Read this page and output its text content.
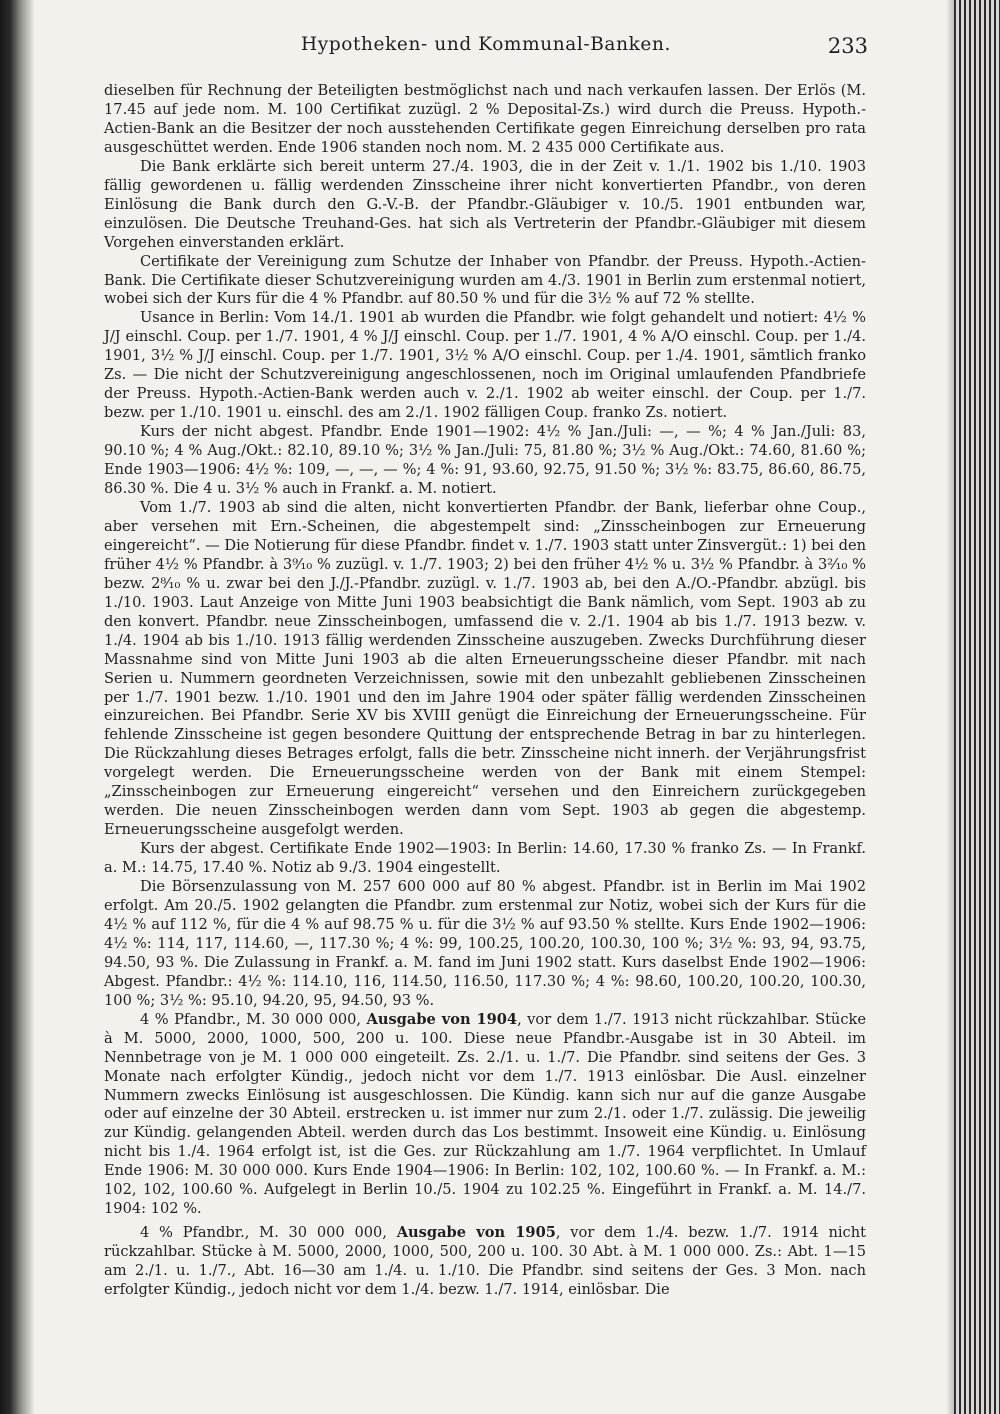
Hypotheken- und Kommunal-Banken.	233

dieselben für Rechnung der Beteiligten bestmöglichst nach und nach verkaufen lassen. Der Erlös (M. 17.45 auf jede nom. M. 100 Certifikat zuzügl. 2 % Deposital-Zs.) wird durch die Preuss. Hypoth.-Actien-Bank an die Besitzer der noch ausstehenden Certifikate gegen Einreichung derselben pro rata ausgeschüttet werden. Ende 1906 standen noch nom. M. 2 435 000 Certifikate aus.

Die Bank erklärte sich bereit unterm 27./4. 1903, die in der Zeit v. 1./1. 1902 bis 1./10. 1903 fällig gewordenen u. fällig werdenden Zinsscheine ihrer nicht konvertierten Pfandbr., von deren Einlösung die Bank durch den G.-V.-B. der Pfandbr.-Gläubiger v. 10./5. 1901 entbunden war, einzulösen. Die Deutsche Treuhand-Ges. hat sich als Vertreterin der Pfandbr.-Gläubiger mit diesem Vorgehen einverstanden erklärt.

Certifikate der Vereinigung zum Schutze der Inhaber von Pfandbr. der Preuss. Hypoth.-Actien-Bank. Die Certifikate dieser Schutzvereinigung wurden am 4./3. 1901 in Berlin zum erstenmal notiert, wobei sich der Kurs für die 4 % Pfandbr. auf 80.50 % und für die 3½ % auf 72 % stellte.

Usance in Berlin: Vom 14./1. 1901 ab wurden die Pfandbr. wie folgt gehandelt und notiert: 4½ % J/J einschl. Coup. per 1./7. 1901, 4 % J/J einschl. Coup. per 1./7. 1901, 4 % A/O einschl. Coup. per 1./4. 1901, 3½ % J/J einschl. Coup. per 1./7. 1901, 3½ % A/O einschl. Coup. per 1./4. 1901, sämtlich franko Zs. — Die nicht der Schutzvereinigung angeschlossenen, noch im Original umlaufenden Pfandbriefe der Preuss. Hypoth.-Actien-Bank werden auch v. 2./1. 1902 ab weiter einschl. der Coup. per 1./7. bezw. per 1./10. 1901 u. einschl. des am 2./1. 1902 fälligen Coup. franko Zs. notiert.

Kurs der nicht abgest. Pfandbr. Ende 1901—1902: 4½ % Jan./Juli: —, — %; 4 % Jan./Juli: 83, 90.10 %; 4 % Aug./Okt.: 82.10, 89.10 %; 3½ % Jan./Juli: 75, 81.80 %; 3½ % Aug./Okt.: 74.60, 81.60 %; Ende 1903—1906: 4½ %: 109, —, —, — %; 4 %: 91, 93.60, 92.75, 91.50 %; 3½ %: 83.75, 86.60, 86.75, 86.30 %. Die 4 u. 3½ % auch in Frankf. a. M. notiert.

Vom 1./7. 1903 ab sind die alten, nicht konvertierten Pfandbr. der Bank, lieferbar ohne Coup., aber versehen mit Ern.-Scheinen, die abgestempelt sind: „Zinsscheinbogen zur Erneuerung eingereicht“. — Die Notierung für diese Pfandbr. findet v. 1./7. 1903 statt unter Zinsvergüt.: 1) bei den früher 4½ % Pfandbr. à 3⁹⁄₁₀ % zuzügl. v. 1./7. 1903; 2) bei den früher 4½ % u. 3½ % Pfandbr. à 3²⁄₁₀ % bezw. 2⁸⁄₁₀ % u. zwar bei den J./J.-Pfandbr. zuzügl. v. 1./7. 1903 ab, bei den A./O.-Pfandbr. abzügl. bis 1./10. 1903. Laut Anzeige von Mitte Juni 1903 beabsichtigt die Bank nämlich, vom Sept. 1903 ab zu den konvert. Pfandbr. neue Zinsscheinbogen, umfassend die v. 2./1. 1904 ab bis 1./7. 1913 bezw. v. 1./4. 1904 ab bis 1./10. 1913 fällig werdenden Zinsscheine auszugeben. Zwecks Durchführung dieser Massnahme sind von Mitte Juni 1903 ab die alten Erneuerungsscheine dieser Pfandbr. mit nach Serien u. Nummern geordneten Verzeichnissen, sowie mit den unbezahlt gebliebenen Zinsscheinen per 1./7. 1901 bezw. 1./10. 1901 und den im Jahre 1904 oder später fällig werdenden Zinsscheinen einzureichen. Bei Pfandbr. Serie XV bis XVIII genügt die Einreichung der Erneuerungsscheine. Für fehlende Zinsscheine ist gegen besondere Quittung der entsprechende Betrag in bar zu hinterlegen. Die Rückzahlung dieses Betrages erfolgt, falls die betr. Zinsscheine nicht innerh. der Verjährungsfrist vorgelegt werden. Die Erneuerungsscheine werden von der Bank mit einem Stempel: „Zinsscheinbogen zur Erneuerung eingereicht“ versehen und den Einreichern zurückgegeben werden. Die neuen Zinsscheinbogen werden dann vom Sept. 1903 ab gegen die abgestemp. Erneuerungsscheine ausgefolgt werden.

Kurs der abgest. Certifikate Ende 1902—1903: In Berlin: 14.60, 17.30 % franko Zs. — In Frankf. a. M.: 14.75, 17.40 %. Notiz ab 9./3. 1904 eingestellt.

Die Börsenzulassung von M. 257 600 000 auf 80 % abgest. Pfandbr. ist in Berlin im Mai 1902 erfolgt. Am 20./5. 1902 gelangten die Pfandbr. zum erstenmal zur Notiz, wobei sich der Kurs für die 4½ % auf 112 %, für die 4 % auf 98.75 % u. für die 3½ % auf 93.50 % stellte. Kurs Ende 1902—1906: 4½ %: 114, 117, 114.60, —, 117.30 %; 4 %: 99, 100.25, 100.20, 100.30, 100 %; 3½ %: 93, 94, 93.75, 94.50, 93 %. Die Zulassung in Frankf. a. M. fand im Juni 1902 statt. Kurs daselbst Ende 1902—1906: Abgest. Pfandbr.: 4½ %: 114.10, 116, 114.50, 116.50, 117.30 %; 4 %: 98.60, 100.20, 100.20, 100.30, 100 %; 3½ %: 95.10, 94.20, 95, 94.50, 93 %.

4 % Pfandbr., M. 30 000 000, Ausgabe von 1904, vor dem 1./7. 1913 nicht rückzahlbar. Stücke à M. 5000, 2000, 1000, 500, 200 u. 100. Diese neue Pfandbr.-Ausgabe ist in 30 Abteil. im Nennbetrage von je M. 1 000 000 eingeteilt. Zs. 2./1. u. 1./7. Die Pfandbr. sind seitens der Ges. 3 Monate nach erfolgter Kündig., jedoch nicht vor dem 1./7. 1913 einlösbar. Die Ausl. einzelner Nummern zwecks Einlösung ist ausgeschlossen. Die Kündig. kann sich nur auf die ganze Ausgabe oder auf einzelne der 30 Abteil. erstrecken u. ist immer nur zum 2./1. oder 1./7. zulässig. Die jeweilig zur Kündig. gelangenden Abteil. werden durch das Los bestimmt. Insoweit eine Kündig. u. Einlösung nicht bis 1./4. 1964 erfolgt ist, ist die Ges. zur Rückzahlung am 1./7. 1964 verpflichtet. In Umlauf Ende 1906: M. 30 000 000. Kurs Ende 1904—1906: In Berlin: 102, 102, 100.60 %. — In Frankf. a. M.: 102, 102, 100.60 %. Aufgelegt in Berlin 10./5. 1904 zu 102.25 %. Eingeführt in Frankf. a. M. 14./7. 1904: 102 %.

4 % Pfandbr., M. 30 000 000, Ausgabe von 1905, vor dem 1./4. bezw. 1./7. 1914 nicht rückzahlbar. Stücke à M. 5000, 2000, 1000, 500, 200 u. 100. 30 Abt. à M. 1 000 000. Zs.: Abt. 1—15 am 2./1. u. 1./7., Abt. 16—30 am 1./4. u. 1./10. Die Pfandbr. sind seitens der Ges. 3 Mon. nach erfolgter Kündig., jedoch nicht vor dem 1./4. bezw. 1./7. 1914, einlösbar. Die
